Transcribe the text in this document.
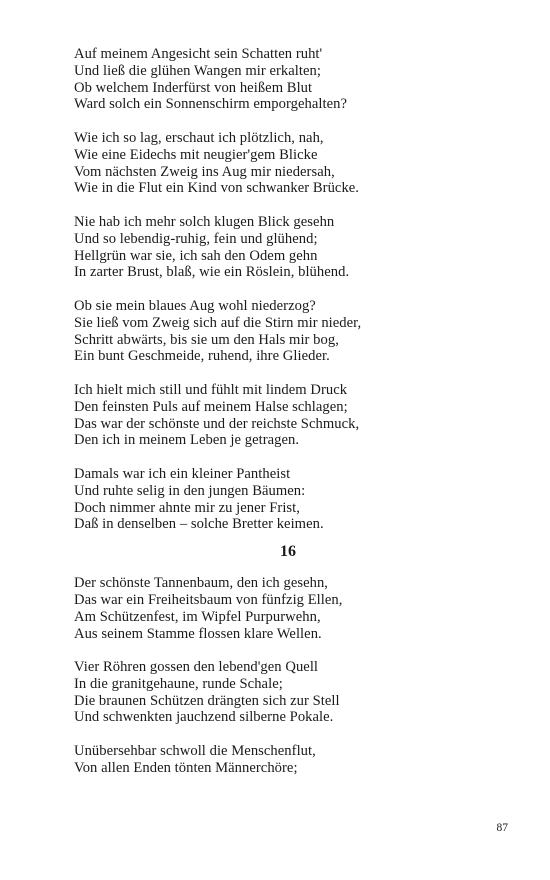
Auf meinem Angesicht sein Schatten ruht'
Und ließ die glühen Wangen mir erkalten;
Ob welchem Inderfürst von heißem Blut
Ward solch ein Sonnenschirm emporgehalten?
Wie ich so lag, erschaut ich plötzlich, nah,
Wie eine Eidechs mit neugier'gem Blicke
Vom nächsten Zweig ins Aug mir niedersah,
Wie in die Flut ein Kind von schwanker Brücke.
Nie hab ich mehr solch klugen Blick gesehn
Und so lebendig-ruhig, fein und glühend;
Hellgrün war sie, ich sah den Odem gehn
In zarter Brust, blaß, wie ein Röslein, blühend.
Ob sie mein blaues Aug wohl niederzog?
Sie ließ vom Zweig sich auf die Stirn mir nieder,
Schritt abwärts, bis sie um den Hals mir bog,
Ein bunt Geschmeide, ruhend, ihre Glieder.
Ich hielt mich still und fühlt mit lindem Druck
Den feinsten Puls auf meinem Halse schlagen;
Das war der schönste und der reichste Schmuck,
Den ich in meinem Leben je getragen.
Damals war ich ein kleiner Pantheist
Und ruhte selig in den jungen Bäumen:
Doch nimmer ahnte mir zu jener Frist,
Daß in denselben – solche Bretter keimen.
16
Der schönste Tannenbaum, den ich gesehn,
Das war ein Freiheitsbaum von fünfzig Ellen,
Am Schützenfest, im Wipfel Purpurwehn,
Aus seinem Stamme flossen klare Wellen.
Vier Röhren gossen den lebend'gen Quell
In die granitgehaune, runde Schale;
Die braunen Schützen drängten sich zur Stell
Und schwenkten jauchzend silberne Pokale.
Unübersehbar schwoll die Menschenflut,
Von allen Enden tönten Männerchöre;
87
